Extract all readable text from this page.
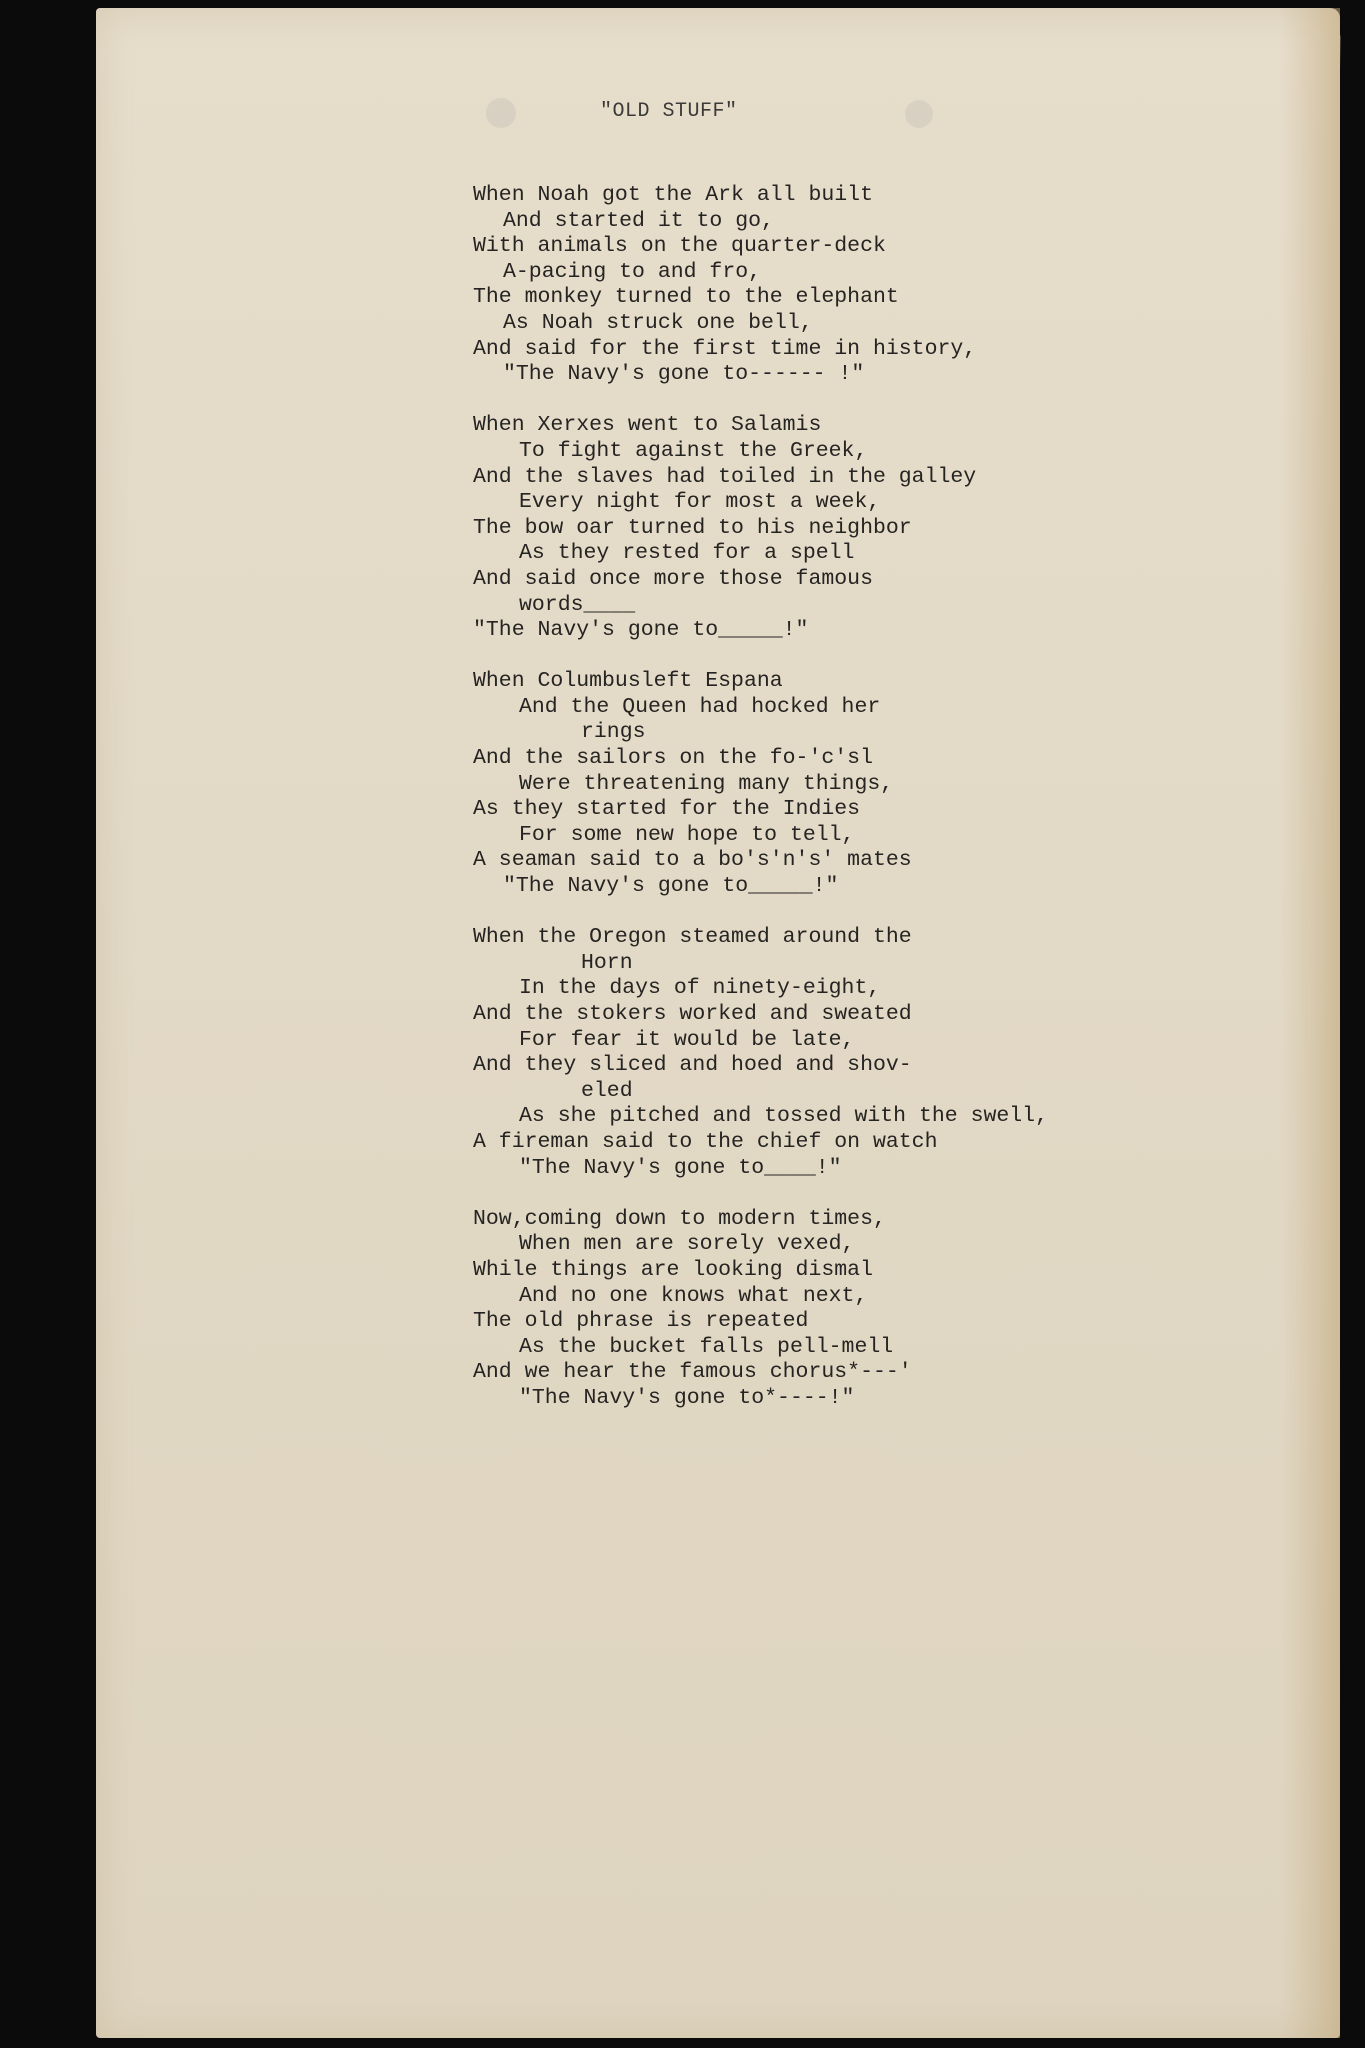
"OLD STUFF"
When Noah got the Ark all built
And started it to go,
With animals on the quarter-deck
A-pacing to and fro,
The monkey turned to the elephant
As Noah struck one bell,
And said for the first time in history,
"The Navy's gone to------ !"
When Xerxes went to Salamis
To fight against the Greek,
And the slaves had toiled in the galley
Every night for most a week,
The bow oar turned to his neighbor
As they rested for a spell
And said once more those famous
words____
"The Navy's gone to_____!"
When Columbusleft Espana
And the Queen had hocked her
rings
And the sailors on the fo-'c'sl
Were threatening many things,
As they started for the Indies
For some new hope to tell,
A seaman said to a bo's'n's' mates
"The Navy's gone to_____!"
When the Oregon steamed around the
Horn
In the days of ninety-eight,
And the stokers worked and sweated
For fear it would be late,
And they sliced and hoed and shov-
eled
As she pitched and tossed with the swell,
A fireman said to the chief on watch
"The Navy's gone to____!"
Now,coming down to modern times,
When men are sorely vexed,
While things are looking dismal
And no one knows what next,
The old phrase is repeated
As the bucket falls pell-mell
And we hear the famous chorus*---'
"The Navy's gone to*----!"
